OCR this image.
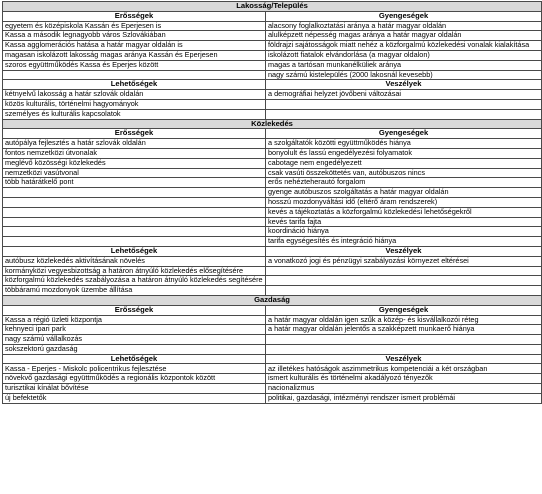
Lakosság/Település	
Erősségek	Gyengeségek
egyetem és középiskola Kassán és Eperjesen is	alacsony foglalkoztatási aránya a határ magyar oldalán
Kassa a második legnagyobb város Szlovákiában	alulképzett népesség magas aránya a határ magyar oldalán
Kassa agglomerációs hatása a határ magyar oldalán is	földrajzi sajátosságok miatt nehéz a közforgalmú közlekedési vonalak kialakítása
magasan iskolázott lakosság magas aránya Kassán és Eperjesen	iskolázott fiatalok elvándorlása (a magyar oldalon)
szoros együttműködés Kassa és Eperjes között	magas a tartósan munkanélküliek aránya
	nagy számú kistelepülés (2000 lakosnál kevesebb)
Lehetőségek	Veszélyek
kétnyelvű lakosság a határ szlovák oldalán	a demográfiai helyzet jövőbeni változásai
közös kulturális, történelmi hagyományok	
személyes és kulturális kapcsolatok	
Közlekedés	
Erősségek	Gyengeségek
autópálya fejlesztés a határ szlovák oldalán	a szolgáltatók közötti együttműködés hiánya
fontos nemzetközi útvonalak	bonyolult és lassú engedélyezési folyamatok
meglévő közösségi közlekedés	cabotage nem engedélyezett
nemzetközi vasútvonal	csak vasúti összeköttetés van, autóbuszos nincs
több határátkelő pont	erős nehézteherautó forgalom
	gyenge autóbuszos szolgáltatás a határ magyar oldalán
	hosszú mozdonyváltási idő (eltérő áram rendszerek)
	kevés a tájékoztatás a közforgalmú közlekedési lehetőségekről
	kevés tarifa fajta
	koordináció hiánya
	tarifa egységesítés és integráció hiánya
Lehetőségek	Veszélyek
autóbusz közlekedés aktivításának növelés	a vonatkozó jogi és pénzügyi szabályozási környezet eltérései
kormányközi vegyesbizottság a határon átnyúló közlekedés elősegítésére	
közforgalmú közlekedés szabályozása a határon átnyúló közlekedés segítésére	
többáramú mozdonyok üzembe állítása	
Gazdaság	
Erősségek	Gyengeségek
Kassa a régió üzleti központja	a határ magyar oldalán igen szűk a közép- és kisvállalkozói réteg
kehnyeci ipari park	a határ magyar oldalán jelentős a szakképzett munkaerő hiánya
nagy számú vállalkozás	
sokszektorú gazdaság	
Lehetőségek	Veszélyek
Kassa - Eperjes - Miskolc policentrikus fejlesztése	az illetékes hatóságok aszimmetrikus kompetenciái a két országban
növekvő gazdasági együttműködés a regionális központok között	ismert kulturális és történelmi akadályozó tényezők
turisztikai kínálat bővítése	nacionalizmus
új befektetők	politikai, gazdasági, intézményi rendszer ismert problémái
